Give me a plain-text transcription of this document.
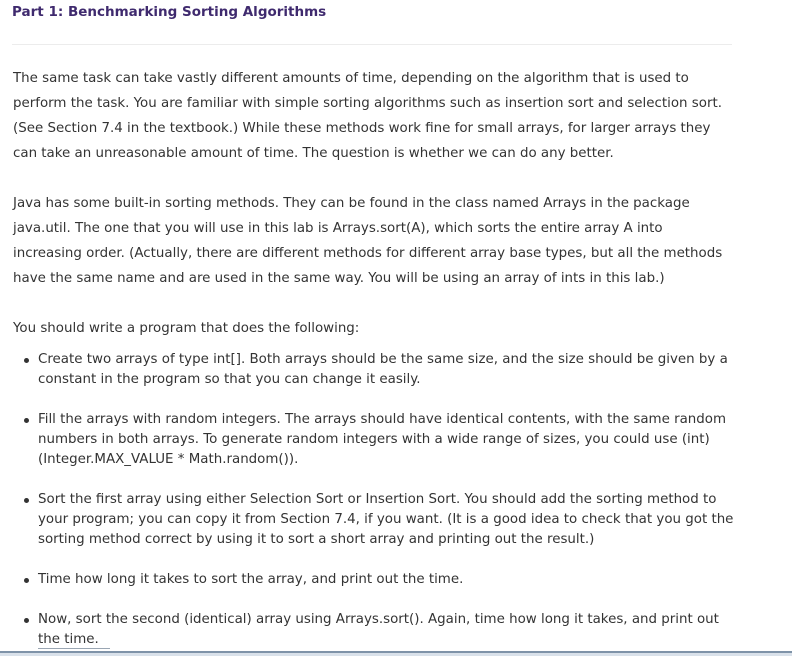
Part 1: Benchmarking Sorting Algorithms

The same task can take vastly different amounts of time, depending on the algorithm that is used to perform the task. You are familiar with simple sorting algorithms such as insertion sort and selection sort. (See Section 7.4 in the textbook.) While these methods work fine for small arrays, for larger arrays they can take an unreasonable amount of time. The question is whether we can do any better.

Java has some built-in sorting methods. They can be found in the class named Arrays in the package java.util. The one that you will use in this lab is Arrays.sort(A), which sorts the entire array A into increasing order. (Actually, there are different methods for different array base types, but all the methods have the same name and are used in the same way. You will be using an array of ints in this lab.)

You should write a program that does the following:

Create two arrays of type int[]. Both arrays should be the same size, and the size should be given by a constant in the program so that you can change it easily.
Fill the arrays with random integers. The arrays should have identical contents, with the same random numbers in both arrays. To generate random integers with a wide range of sizes, you could use (int)(Integer.MAX_VALUE * Math.random()).
Sort the first array using either Selection Sort or Insertion Sort. You should add the sorting method to your program; you can copy it from Section 7.4, if you want. (It is a good idea to check that you got the sorting method correct by using it to sort a short array and printing out the result.)
Time how long it takes to sort the array, and print out the time.
Now, sort the second (identical) array using Arrays.sort(). Again, time how long it takes, and print out the time.
